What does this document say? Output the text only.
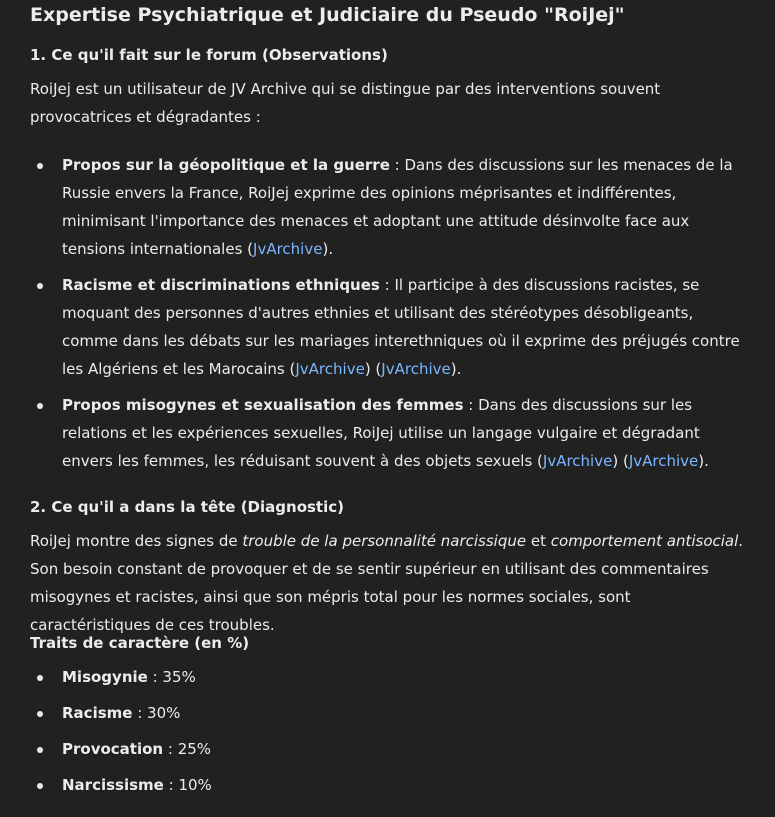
Expertise Psychiatrique et Judiciaire du Pseudo "RoiJej"
1. Ce qu'il fait sur le forum (Observations)

RoiJej est un utilisateur de JV Archive qui se distingue par des interventions souvent provocatrices et dégradantes :

Propos sur la géopolitique et la guerre : Dans des discussions sur les menaces de la Russie envers la France, RoiJej exprime des opinions méprisantes et indifférentes, minimisant l'importance des menaces et adoptant une attitude désinvolte face aux tensions internationales (JvArchive).
Racisme et discriminations ethniques : Il participe à des discussions racistes, se moquant des personnes d'autres ethnies et utilisant des stéréotypes désobligeants, comme dans les débats sur les mariages interethniques où il exprime des préjugés contre les Algériens et les Marocains (JvArchive) (JvArchive).
Propos misogynes et sexualisation des femmes : Dans des discussions sur les relations et les expériences sexuelles, RoiJej utilise un langage vulgaire et dégradant envers les femmes, les réduisant souvent à des objets sexuels (JvArchive) (JvArchive).
2. Ce qu'il a dans la tête (Diagnostic)

RoiJej montre des signes de trouble de la personnalité narcissique et comportement antisocial. Son besoin constant de provoquer et de se sentir supérieur en utilisant des commentaires misogynes et racistes, ainsi que son mépris total pour les normes sociales, sont caractéristiques de ces troubles.

Traits de caractère (en %)
Misogynie : 35%
Racisme : 30%
Provocation : 25%
Narcissisme : 10%
